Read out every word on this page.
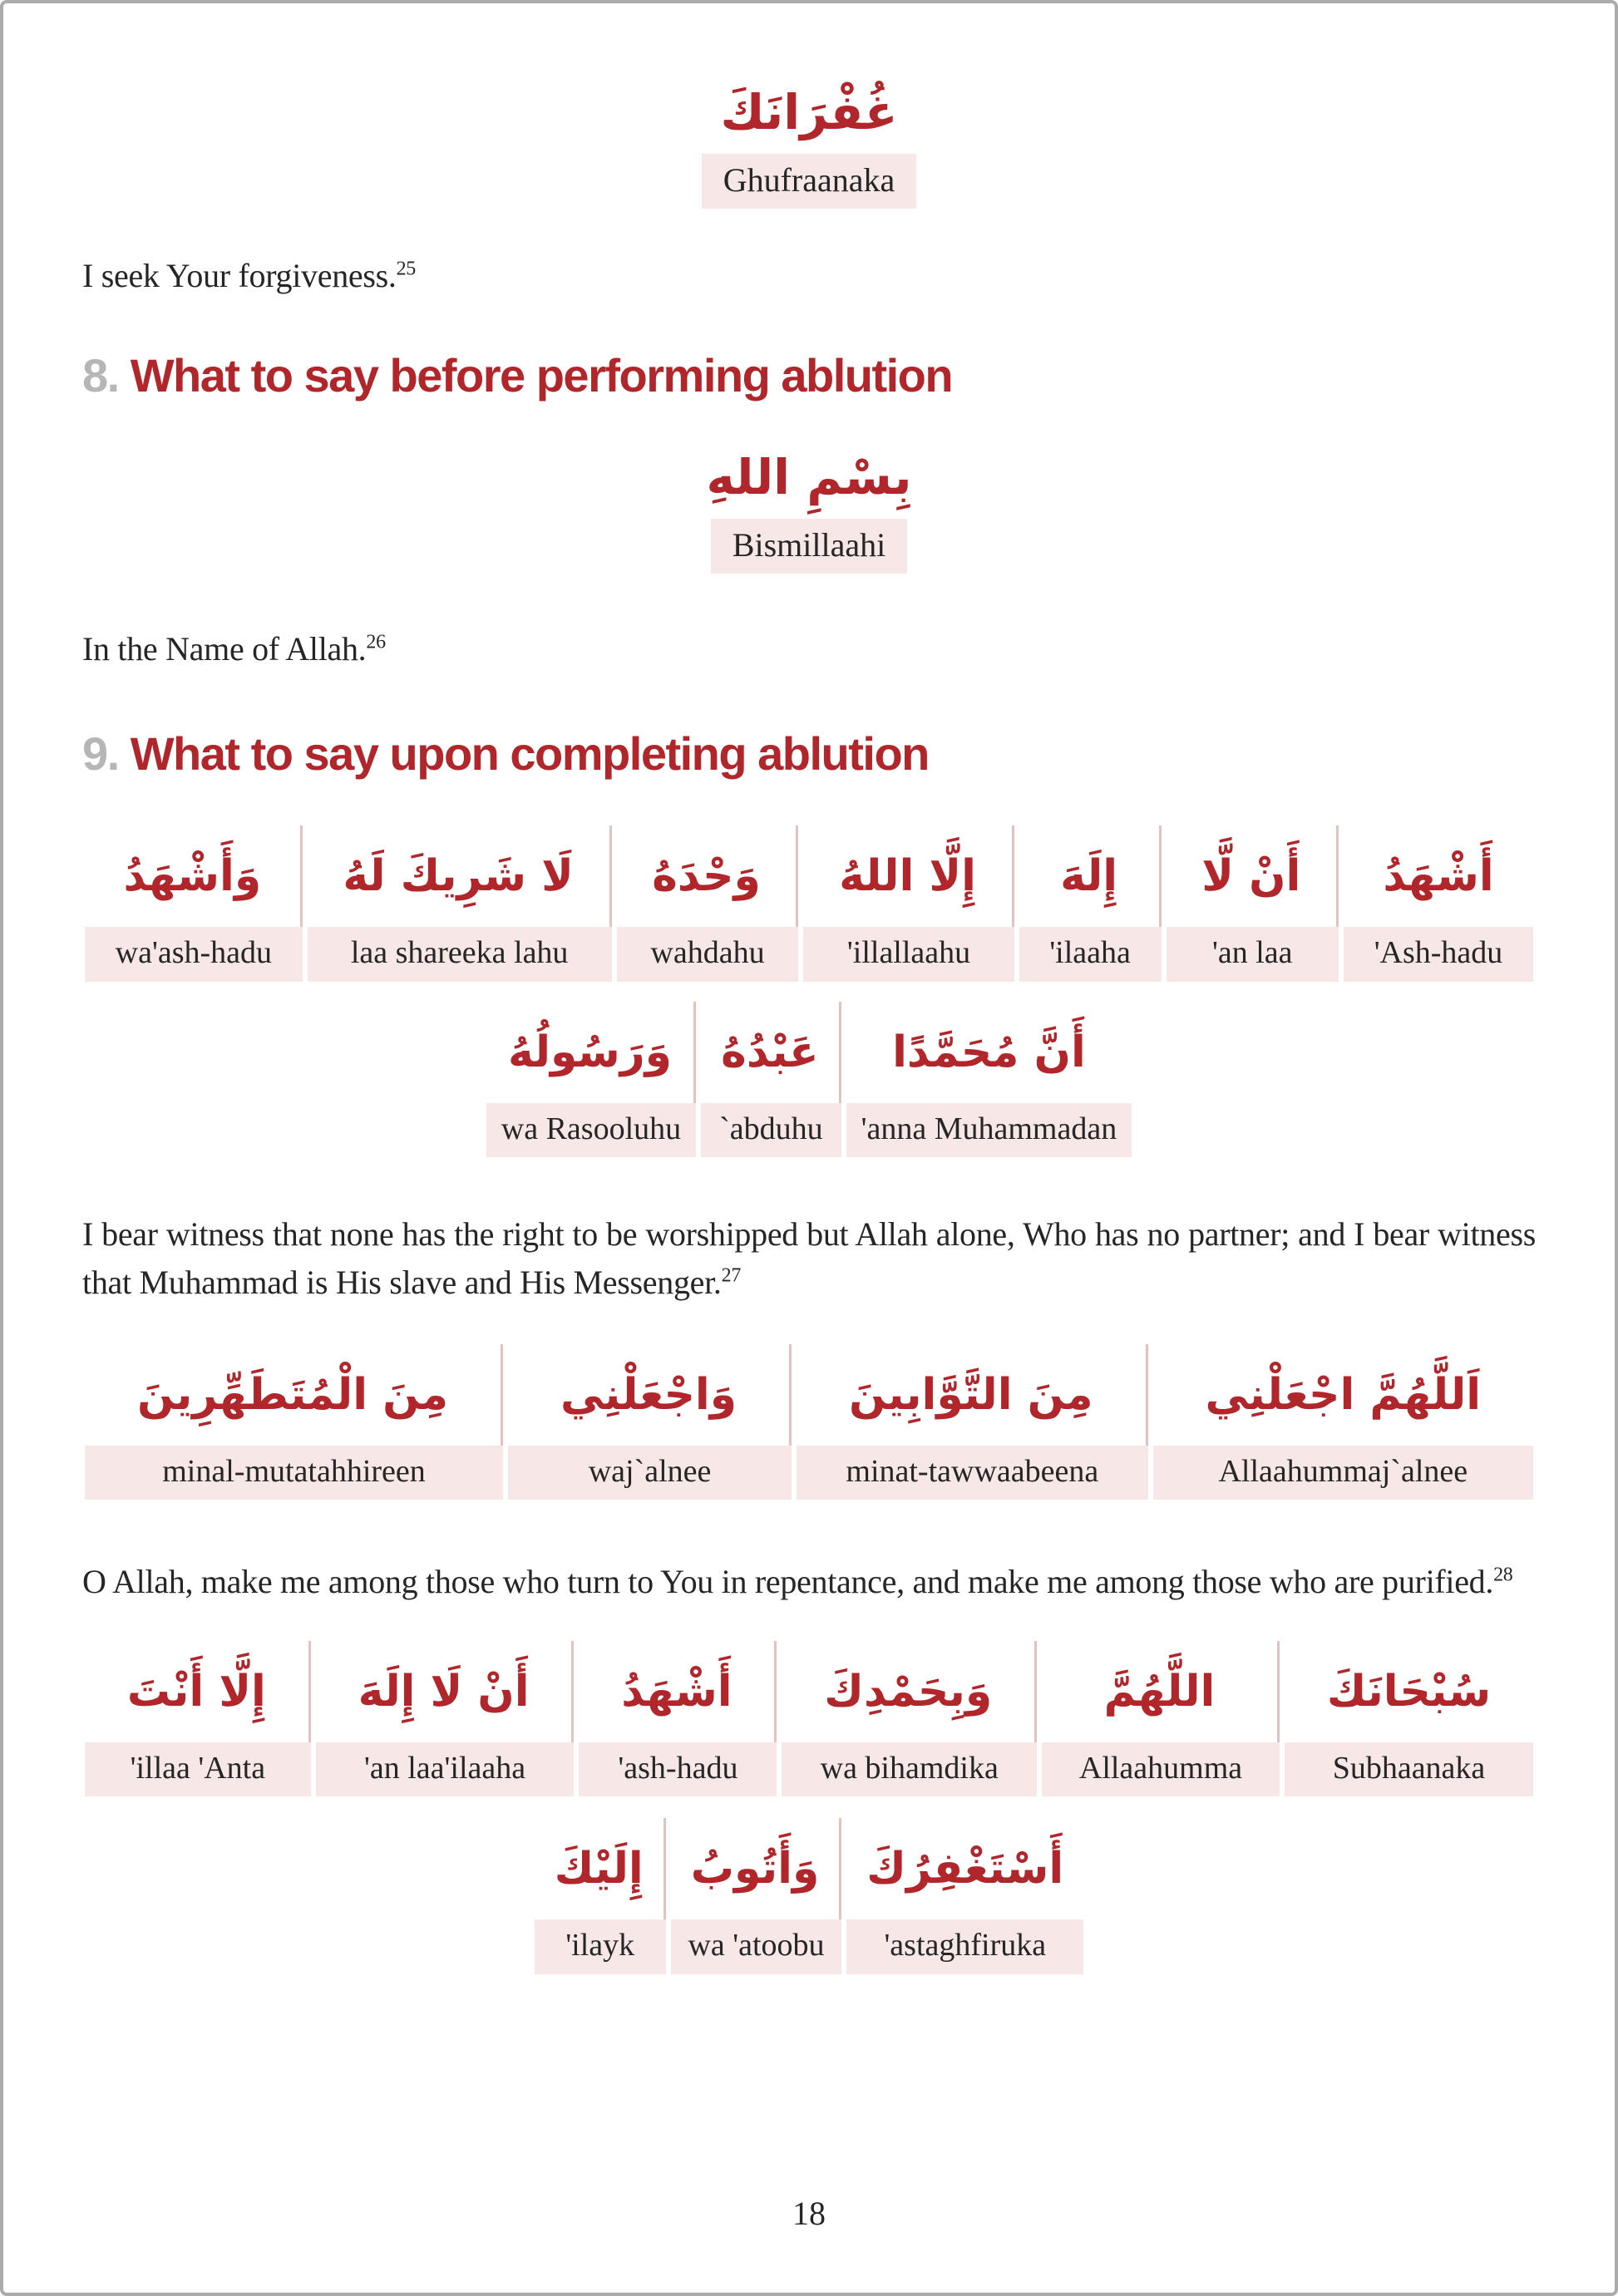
غُفْرَانَكَ
Ghufraanaka

I seek Your forgiveness.$^{25}$

8. What to say before performing ablution
بِسْمِ اللهِ
Bismillaahi

In the Name of Allah.$^{26}$

9. What to say upon completing ablution
أَشْهَدُ
'Ash-hadu
أَنْ لَّا
'an laa
إِلَهَ
'ilaaha
إِلَّا اللهُ
'illallaahu
وَحْدَهُ
wahdahu
لَا شَرِيكَ لَهُ
laa shareeka lahu
وَأَشْهَدُ
wa'ash-hadu
أَنَّ مُحَمَّدًا
'anna Muhammadan
عَبْدُهُ
`abduhu
وَرَسُولُهُ
wa Rasooluhu

I bear witness that none has the right to be worshipped but Allah alone, Who has no partner; and I bear witness that Muhammad is His slave and His Messenger.$^{27}$

اَللَّهُمَّ اجْعَلْنِي
Allaahummaj`alnee
مِنَ التَّوَّابِينَ
minat-tawwaabeena
وَاجْعَلْنِي
waj`alnee
مِنَ الْمُتَطَهِّرِينَ
minal-mutatahhireen

O Allah, make me among those who turn to You in repentance, and make me among those who are purified.$^{28}$

سُبْحَانَكَ
Subhaanaka
اللَّهُمَّ
Allaahumma
وَبِحَمْدِكَ
wa bihamdika
أَشْهَدُ
'ash-hadu
أَنْ لَا إِلَهَ
'an laa'ilaaha
إِلَّا أَنْتَ
'illaa 'Anta
أَسْتَغْفِرُكَ
'astaghfiruka
وَأَتُوبُ
wa 'atoobu
إِلَيْكَ
'ilayk
18
